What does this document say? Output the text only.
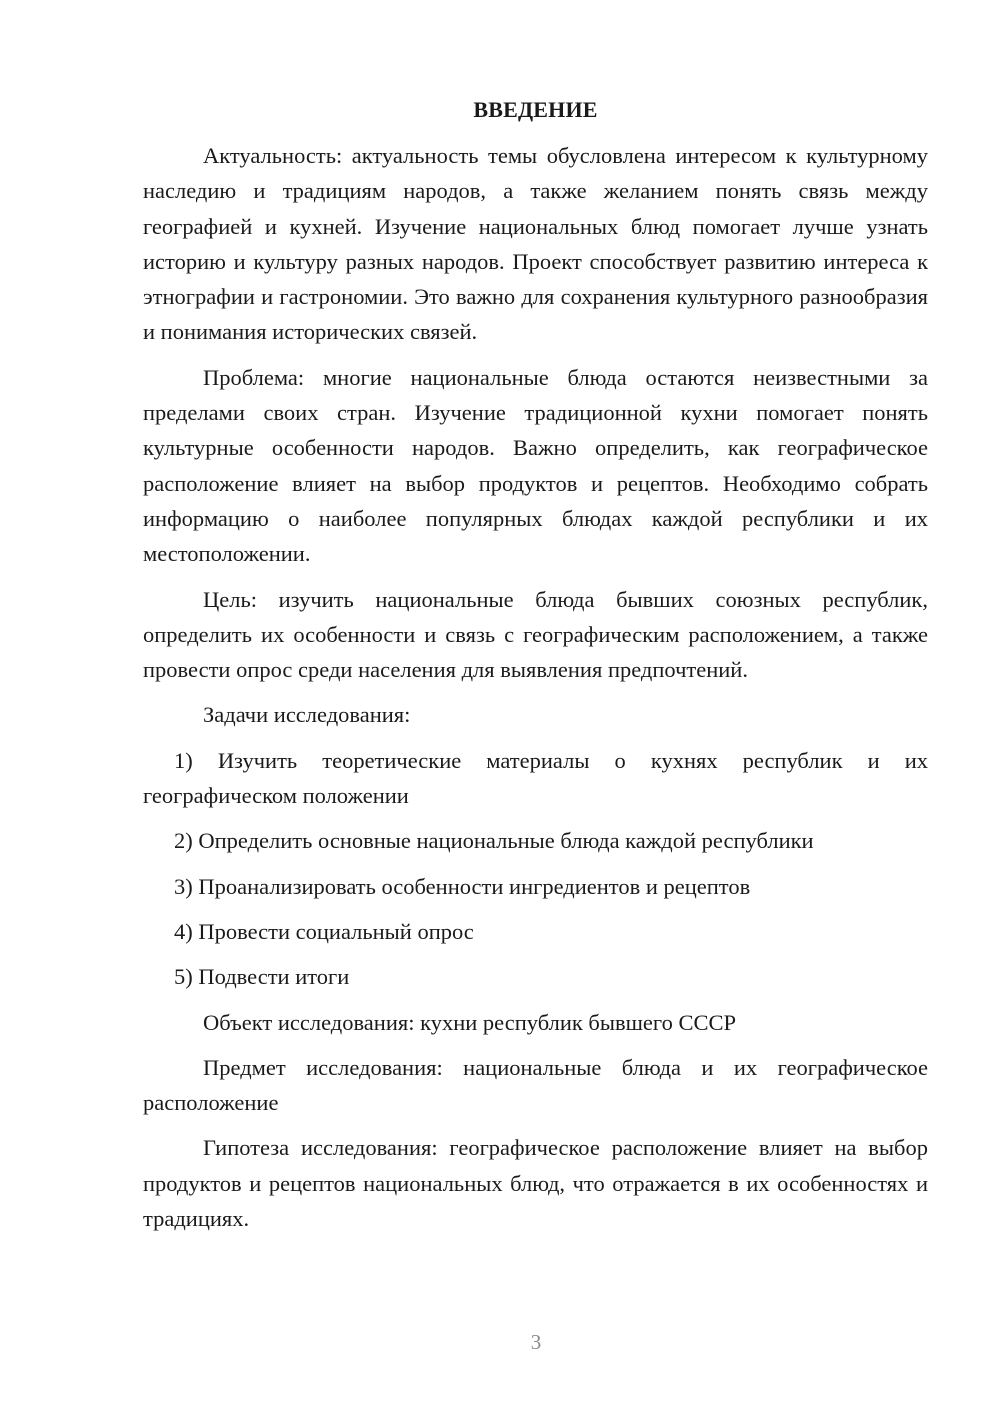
ВВЕДЕНИЕ

Актуальность: актуальность темы обусловлена интересом к культурному наследию и традициям народов, а также желанием понять связь между географией и кухней. Изучение национальных блюд помогает лучше узнать историю и культуру разных народов. Проект способствует развитию интереса к этнографии и гастрономии. Это важно для сохранения культурного разнообразия и понимания исторических связей.

Проблема: многие национальные блюда остаются неизвестными за пределами своих стран. Изучение традиционной кухни помогает понять культурные особенности народов. Важно определить, как географическое расположение влияет на выбор продуктов и рецептов. Необходимо собрать информацию о наиболее популярных блюдах каждой республики и их местоположении.

Цель: изучить национальные блюда бывших союзных республик, определить их особенности и связь с географическим расположением, а также провести опрос среди населения для выявления предпочтений.

Задачи исследования:

1) Изучить теоретические материалы о кухнях республик и их географическом положении

2) Определить основные национальные блюда каждой республики

3) Проанализировать особенности ингредиентов и рецептов

4) Провести социальный опрос

5) Подвести итоги

Объект исследования: кухни республик бывшего СССР

Предмет исследования: национальные блюда и их географическое расположение

Гипотеза исследования: географическое расположение влияет на выбор продуктов и рецептов национальных блюд, что отражается в их особенностях и традициях.

3
